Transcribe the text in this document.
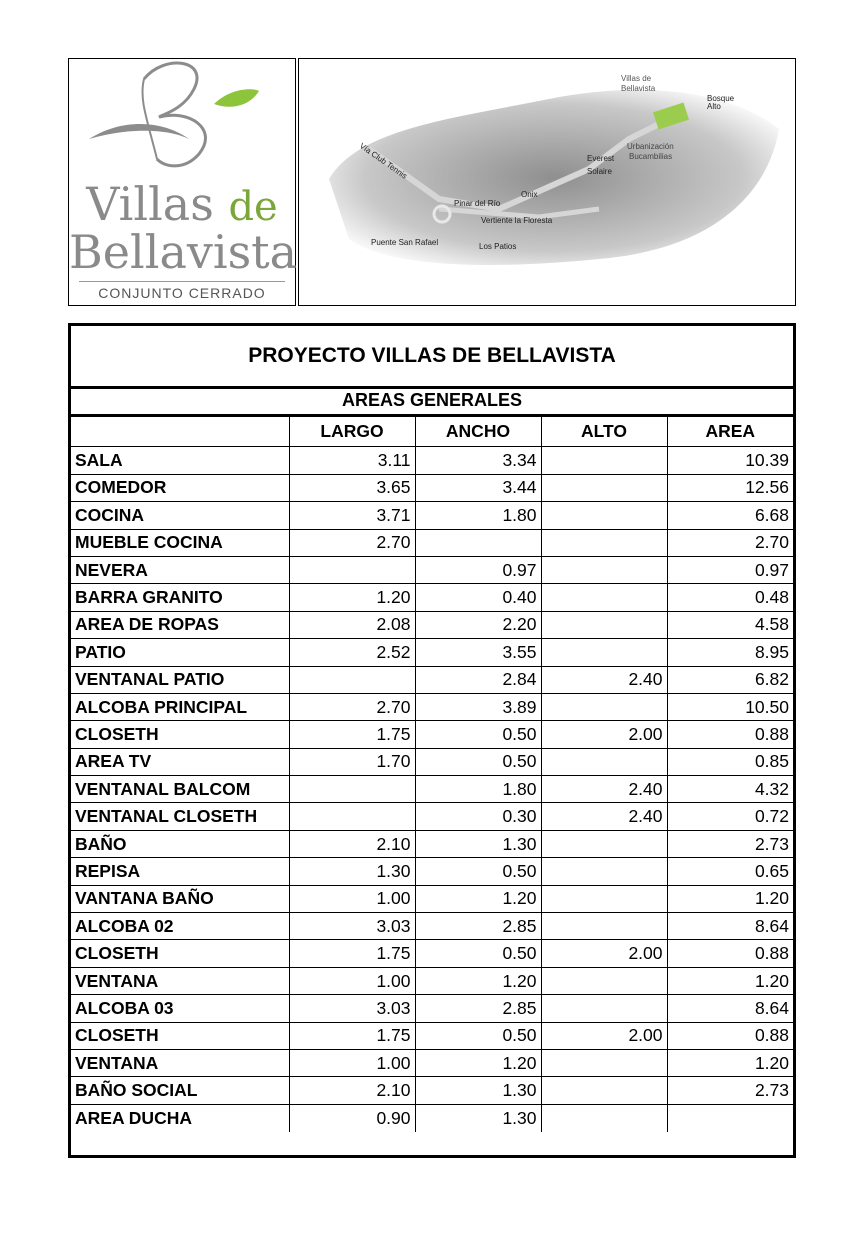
Villas de
Bellavista
CONJUNTO CERRADO
Villas de
Bellavista
Bosque
Alto
Urbanización
Bucambilias
Everest
Solaire
Onix
Pinar del Río
Vertiente la Floresta
Puente San Rafael	Los Patios
Vía Club Tennis
PROYECTO VILLAS DE BELLAVISTA
AREAS GENERALES
	LARGO	ANCHO	ALTO	AREA
SALA	3.11	3.34		10.39
COMEDOR	3.65	3.44		12.56
COCINA	3.71	1.80		6.68
MUEBLE COCINA	2.70			2.70
NEVERA		0.97		0.97
BARRA GRANITO	1.20	0.40		0.48
AREA DE ROPAS	2.08	2.20		4.58
PATIO	2.52	3.55		8.95
VENTANAL PATIO		2.84	2.40	6.82
ALCOBA PRINCIPAL	2.70	3.89		10.50
CLOSETH	1.75	0.50	2.00	0.88
AREA TV	1.70	0.50		0.85
VENTANAL BALCOM		1.80	2.40	4.32
VENTANAL CLOSETH		0.30	2.40	0.72
BAÑO	2.10	1.30		2.73
REPISA	1.30	0.50		0.65
VANTANA BAÑO	1.00	1.20		1.20
ALCOBA 02	3.03	2.85		8.64
CLOSETH	1.75	0.50	2.00	0.88
VENTANA	1.00	1.20		1.20
ALCOBA 03	3.03	2.85		8.64
CLOSETH	1.75	0.50	2.00	0.88
VENTANA	1.00	1.20		1.20
BAÑO SOCIAL	2.10	1.30		2.73
AREA DUCHA	0.90	1.30		
